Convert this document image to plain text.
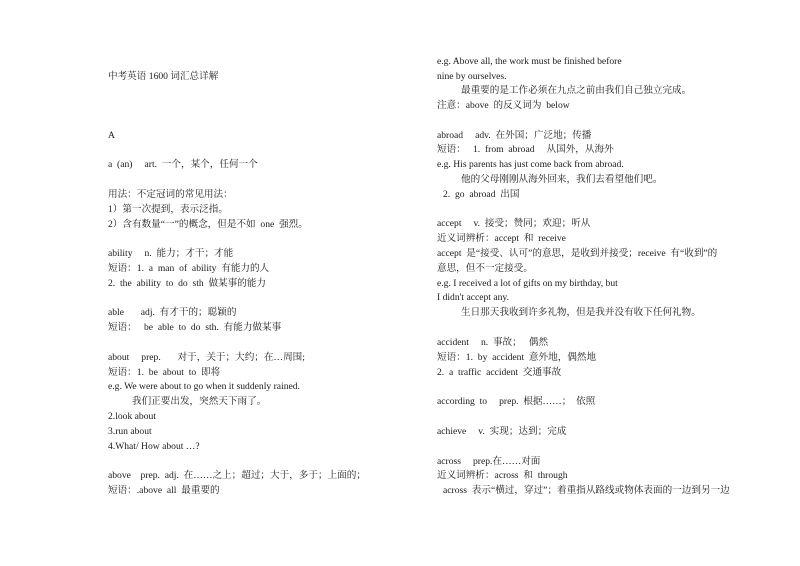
中考英语 1600 词汇总详解
A
a  (an)     art.  一个，某个，任何一个
用法：不定冠词的常见用法：
1）第一次提到，表示泛指。
2）含有数量“一”的概念，但是不如  one  强烈。
ability     n.  能力；才干；才能
短语：1.  a  man  of  ability  有能力的人
2.  the  ability  to  do  sth  做某事的能力
able       adj.  有才干的；聪颖的
短语：   be  able  to  do  sth.  有能力做某事
about     prep.       对于，关于；大约；在…周围;
短语：1.  be  about  to  即将
e.g. We were about to go when it suddenly rained.
我们正要出发，突然天下雨了。
2.look about
3.run about
4.What/ How about …?
above    prep.  adj.  在……之上；超过；大于，多于；上面的；
短语：.above  all  最重要的
e.g. Above all, the work must be finished before
nine by ourselves.
最重要的是工作必须在九点之前由我们自己独立完成。
注意：above  的反义词为  below
abroad     adv.  在外国；广泛地；传播
短语：   1.  from  abroad     从国外，从海外
e.g. His parents has just come back from abroad.
他的父母刚刚从海外回来，我们去看望他们吧。
2.  go  abroad  出国
accept     v.  接受；赞同；欢迎；听从
近义词辨析：accept  和  receive
accept  是“接受、认可”的意思，是收到并接受；receive  有“收到”的
意思，但不一定接受。
e.g. I received a lot of gifts on my birthday, but
I didn't accept any.
生日那天我收到许多礼物，但是我并没有收下任何礼物。
accident     n.  事故；   偶然
短语：1.  by  accident  意外地，偶然地
2.  a  traffic  accident  交通事故
according  to     prep.  根据……；  依照
achieve     v.  实现；达到；完成
across     prep.在……对面
近义词辨析：across  和  through
across  表示“横过，穿过”；着重指从路线或物体表面的一边到另一边
